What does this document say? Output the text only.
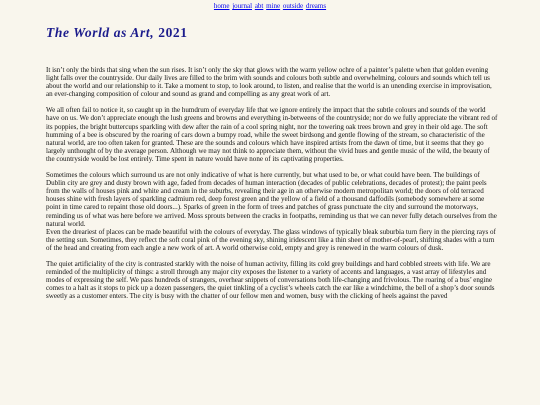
home journal abt mine outside dreams
The World as Art, 2021

It isn’t only the birds that sing when the sun rises. It isn’t only the sky that glows with the warm yellow ochre of a painter’s palette when that golden evening light falls over the countryside. Our daily lives are filled to the brim with sounds and colours both subtle and overwhelming, colours and sounds which tell us about the world and our relationship to it. Take a moment to stop, to look around, to listen, and realise that the world is an unending exercise in improvisation, an ever-changing composition of colour and sound as grand and compelling as any great work of art.

We all often fail to notice it, so caught up in the humdrum of everyday life that we ignore entirely the impact that the subtle colours and sounds of the world have on us. We don’t appreciate enough the lush greens and browns and everything in-betweens of the countryside; nor do we fully appreciate the vibrant red of its poppies, the bright buttercups sparkling with dew after the rain of a cool spring night, nor the towering oak trees brown and grey in their old age. The soft humming of a bee is obscured by the roaring of cars down a bumpy road, while the sweet birdsong and gentle flowing of the stream, so characteristic of the natural world, are too often taken for granted. These are the sounds and colours which have inspired artists from the dawn of time, but it seems that they go largely unthought of by the average person. Although we may not think to appreciate them, without the vivid hues and gentle music of the wild, the beauty of the countryside would be lost entirely. Time spent in nature would have none of its captivating properties.

Sometimes the colours which surround us are not only indicative of what is here currently, but what used to be, or what could have been. The buildings of Dublin city are grey and dusty brown with age, faded from decades of human interaction (decades of public celebrations, decades of protest); the paint peels from the walls of houses pink and white and cream in the suburbs, revealing their age in an otherwise modern metropolitan world; the doors of old terraced houses shine with fresh layers of sparkling cadmium red, deep forest green and the yellow of a field of a thousand daffodils (somebody somewhere at some point in time cared to repaint those old doors...). Sparks of green in the form of trees and patches of grass punctuate the city and surround the motorways, reminding us of what was here before we arrived. Moss sprouts between the cracks in footpaths, reminding us that we can never fully detach ourselves from the natural world.

Even the dreariest of places can be made beautiful with the colours of everyday. The glass windows of typically bleak suburbia turn fiery in the piercing rays of the setting sun. Sometimes, they reflect the soft coral pink of the evening sky, shining iridescent like a thin sheet of mother-of-pearl, shifting shades with a turn of the head and creating from each angle a new work of art. A world otherwise cold, empty and grey is renewed in the warm colours of dusk.

The quiet artificiality of the city is contrasted starkly with the noise of human activity, filling its cold grey buildings and hard cobbled streets with life. We are reminded of the multiplicity of things: a stroll through any major city exposes the listener to a variety of accents and languages, a vast array of lifestyles and modes of expressing the self. We pass hundreds of strangers, overhear snippets of conversations both life-changing and frivolous. The roaring of a bus’ engine comes to a halt as it stops to pick up a dozen passengers, the quiet tinkling of a cyclist’s wheels catch the ear like a windchime, the bell of a shop’s door sounds sweetly as a customer enters. The city is busy with the chatter of our fellow men and women, busy with the clicking of heels against the paved
